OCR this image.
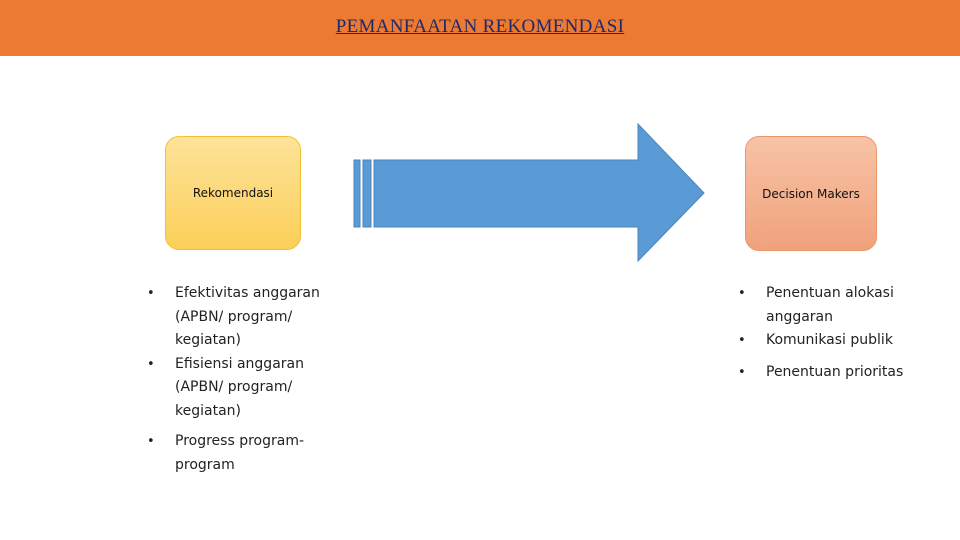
PEMANFAATAN REKOMENDASI
Rekomendasi	Decision Makers
• Efektivitas anggaran (APBN/ program/ kegiatan)
• Efisiensi anggaran (APBN/ program/ kegiatan)
• Progress program-program
• Penentuan alokasi anggaran
• Komunikasi publik
• Penentuan prioritas
